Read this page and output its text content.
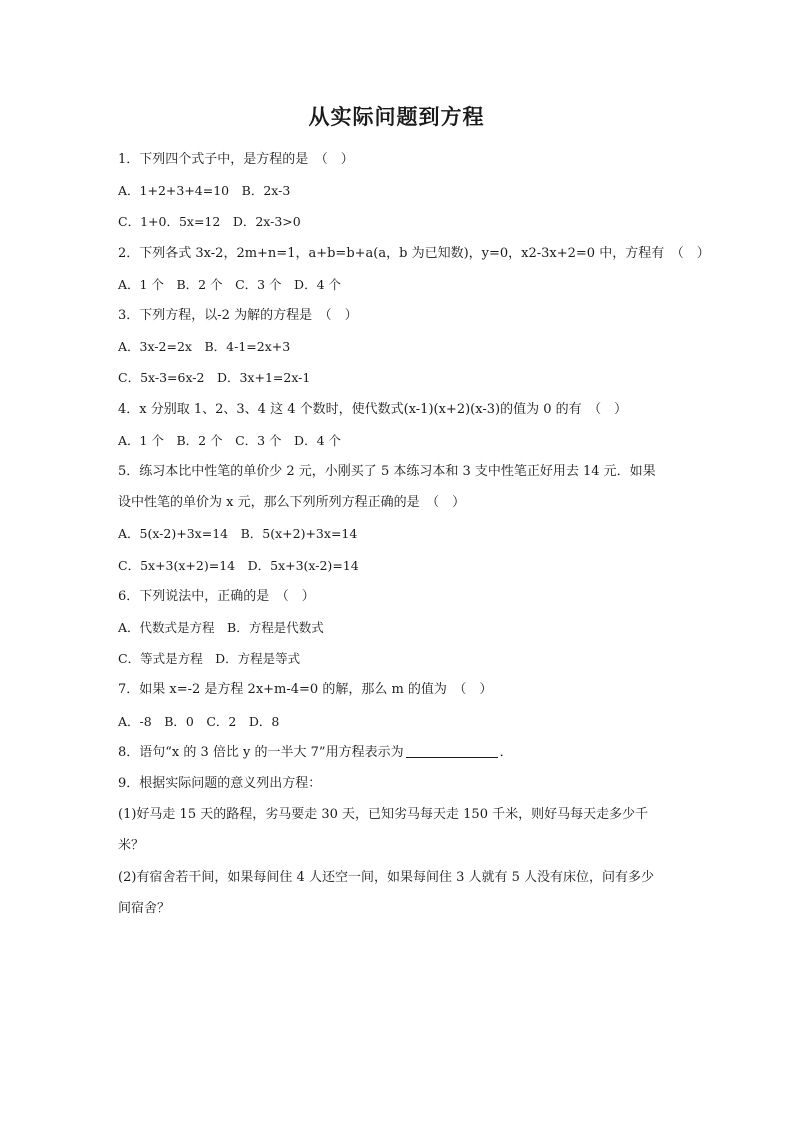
从实际问题到方程
1．下列四个式子中，是方程的是　（　）
A．1+2+3+4=10　B．2x-3
C．1+0．5x=12　D．2x-3>0
2．下列各式 3x-2，2m+n=1，a+b=b+a(a，b 为已知数)，y=0，x2-3x+2=0 中，方程有　（　）
A．1 个　B．2 个　C．3 个　D．4 个
3．下列方程，以-2 为解的方程是　（　）
A．3x-2=2x　B．4-1=2x+3
C．5x-3=6x-2　D．3x+1=2x-1
4．x 分别取 1、2、3、4 这 4 个数时，使代数式(x-1)(x+2)(x-3)的值为 0 的有　（　）
A．1 个　B．2 个　C．3 个　D．4 个
5．练习本比中性笔的单价少 2 元，小刚买了 5 本练习本和 3 支中性笔正好用去 14 元．如果
设中性笔的单价为 x 元，那么下列所列方程正确的是　（　）
A．5(x-2)+3x=14　B．5(x+2)+3x=14
C．5x+3(x+2)=14　D．5x+3(x-2)=14
6．下列说法中，正确的是　（　）
A．代数式是方程　B．方程是代数式
C．等式是方程　D．方程是等式
7．如果 x=-2 是方程 2x+m-4=0 的解，那么 m 的值为　（　）
A．-8　B．0　C．2　D．8
8．语句“x 的 3 倍比 y 的一半大 7”用方程表示为	．
9．根据实际问题的意义列出方程：
(1)好马走 15 天的路程，劣马要走 30 天，已知劣马每天走 150 千米，则好马每天走多少千
米？
(2)有宿舍若干间，如果每间住 4 人还空一间，如果每间住 3 人就有 5 人没有床位，问有多少
间宿舍？
